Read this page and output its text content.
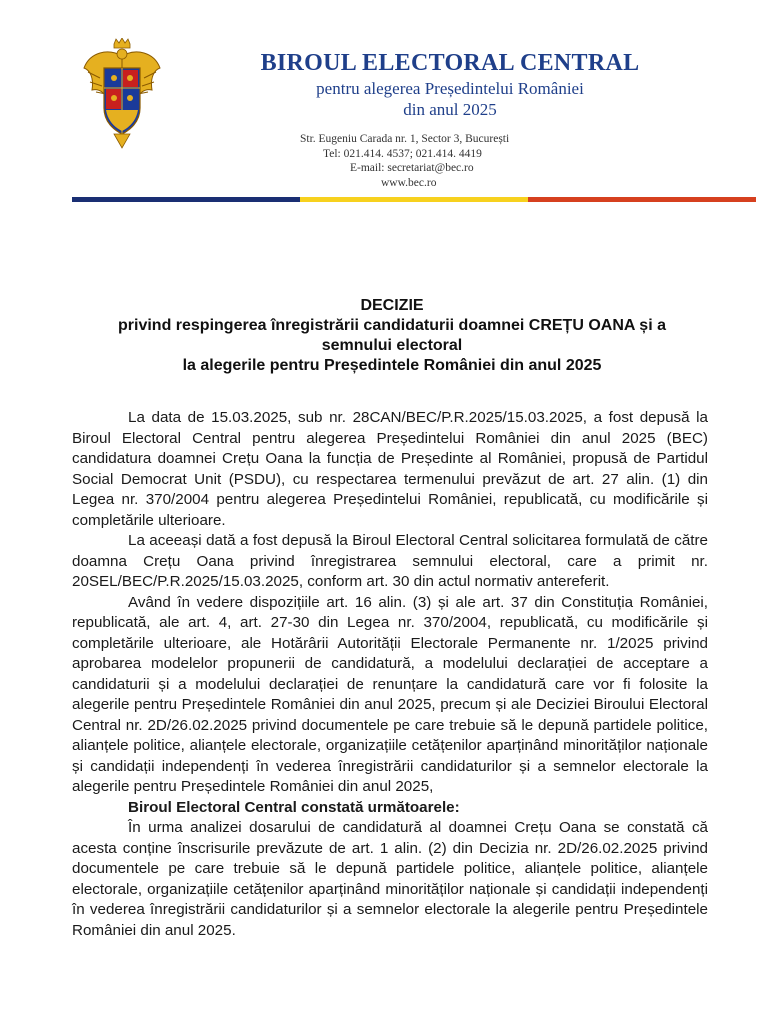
BIROUL ELECTORAL CENTRAL
pentru alegerea Președintelui României
din anul 2025
Str. Eugeniu Carada nr. 1, Sector 3, București
Tel: 021.414. 4537; 021.414. 4419
E-mail: secretariat@bec.ro
www.bec.ro
DECIZIE
privind respingerea înregistrării candidaturii doamnei CREȚU OANA și a
semnului electoral
la alegerile pentru Președintele României din anul 2025

La data de 15.03.2025, sub nr. 28CAN/BEC/P.R.2025/15.03.2025, a fost depusă la Biroul Electoral Central pentru alegerea Președintelui României din anul 2025 (BEC) candidatura doamnei Crețu Oana la funcția de Președinte al României, propusă de Partidul Social Democrat Unit (PSDU), cu respectarea termenului prevăzut de art. 27 alin. (1) din Legea nr. 370/2004 pentru alegerea Președintelui României, republicată, cu modificările și completările ulterioare.

La aceeași dată a fost depusă la Biroul Electoral Central solicitarea formulată de către doamna Crețu Oana privind înregistrarea semnului electoral, care a primit nr. 20SEL/BEC/P.R.2025/15.03.2025, conform art. 30 din actul normativ antereferit.

Având în vedere dispozițiile art. 16 alin. (3) și ale art. 37 din Constituția României, republicată, ale art. 4, art. 27-30 din Legea nr. 370/2004, republicată, cu modificările și completările ulterioare, ale Hotărârii Autorității Electorale Permanente nr. 1/2025 privind aprobarea modelelor propunerii de candidatură, a modelului declarației de acceptare a candidaturii și a modelului declarației de renunțare la candidatură care vor fi folosite la alegerile pentru Președintele României din anul 2025, precum și ale Deciziei Biroului Electoral Central nr. 2D/26.02.2025 privind documentele pe care trebuie să le depună partidele politice, alianțele politice, alianțele electorale, organizațiile cetățenilor aparținând minorităților naționale și candidații independenți în vederea înregistrării candidaturilor și a semnelor electorale la alegerile pentru Președintele României din anul 2025,

Biroul Electoral Central constată următoarele:

În urma analizei dosarului de candidatură al doamnei Crețu Oana se constată că acesta conține înscrisurile prevăzute de art. 1 alin. (2) din Decizia nr. 2D/26.02.2025 privind documentele pe care trebuie să le depună partidele politice, alianțele politice, alianțele electorale, organizațiile cetățenilor aparținând minorităților naționale și candidații independenți în vederea înregistrării candidaturilor și a semnelor electorale la alegerile pentru Președintele României din anul 2025.
